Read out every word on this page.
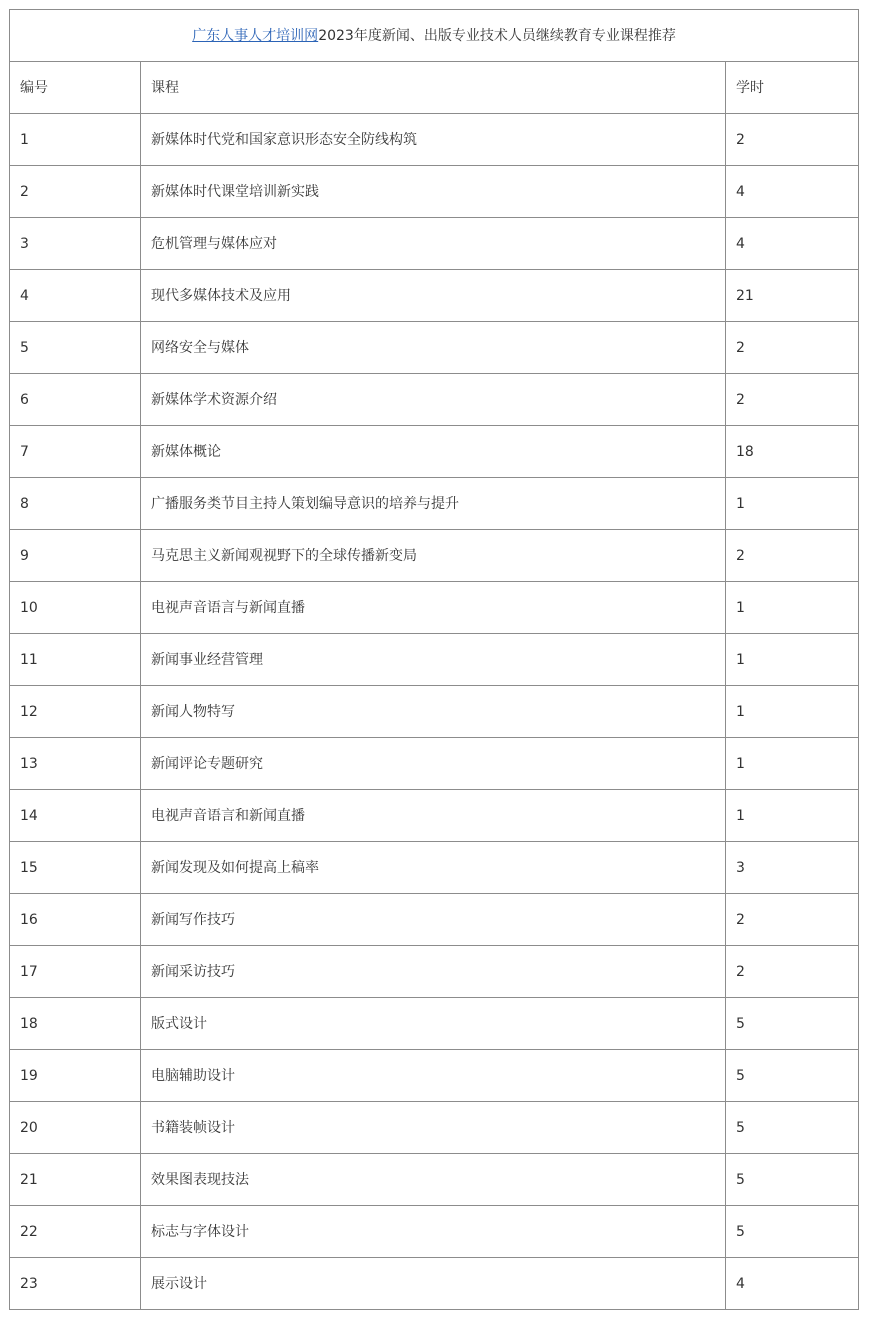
广东人事人才培训网2023年度新闻、出版专业技术人员继续教育专业课程推荐		
编号	课程	学时
1	新媒体时代党和国家意识形态安全防线构筑	2
2	新媒体时代课堂培训新实践	4
3	危机管理与媒体应对	4
4	现代多媒体技术及应用	21
5	网络安全与媒体	2
6	新媒体学术资源介绍	2
7	新媒体概论	18
8	广播服务类节目主持人策划编导意识的培养与提升	1
9	马克思主义新闻观视野下的全球传播新变局	2
10	电视声音语言与新闻直播	1
11	新闻事业经营管理	1
12	新闻人物特写	1
13	新闻评论专题研究	1
14	电视声音语言和新闻直播	1
15	新闻发现及如何提高上稿率	3
16	新闻写作技巧	2
17	新闻采访技巧	2
18	版式设计	5
19	电脑辅助设计	5
20	书籍装帧设计	5
21	效果图表现技法	5
22	标志与字体设计	5
23	展示设计	4
